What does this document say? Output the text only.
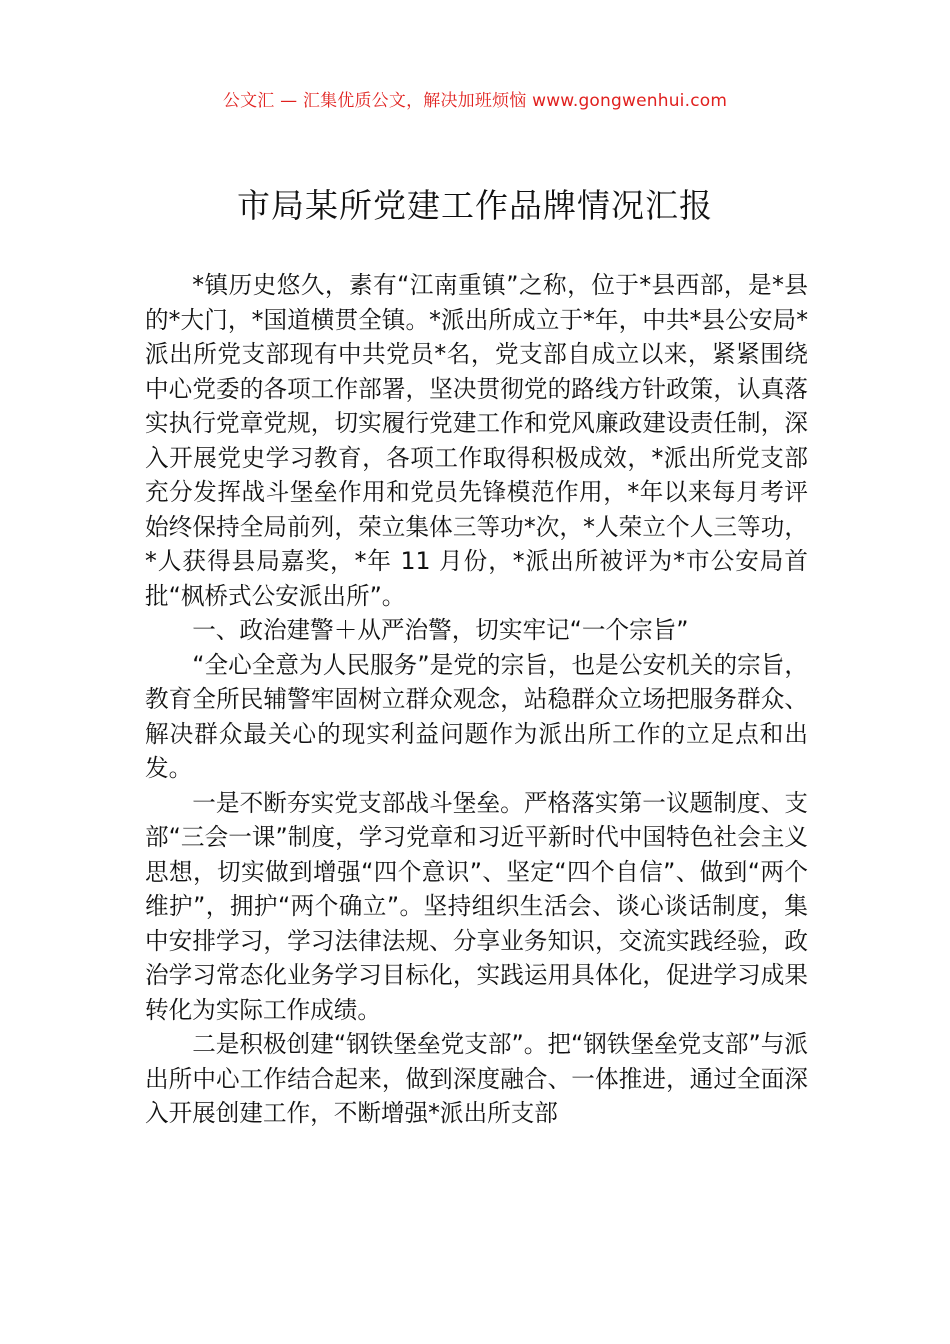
公文汇 — 汇集优质公文，解决加班烦恼 www.gongwenhui.com
市局某所党建工作品牌情况汇报

*镇历史悠久，素有“江南重镇”之称，位于*县西部，是*县的*大门，*国道横贯全镇。*派出所成立于*年，中共*县公安局*派出所党支部现有中共党员*名，党支部自成立以来，紧紧围绕中心党委的各项工作部署，坚决贯彻党的路线方针政策，认真落实执行党章党规，切实履行党建工作和党风廉政建设责任制，深入开展党史学习教育，各项工作取得积极成效，*派出所党支部充分发挥战斗堡垒作用和党员先锋模范作用，*年以来每月考评始终保持全局前列，荣立集体三等功*次，*人荣立个人三等功，*人获得县局嘉奖，*年 11 月份，*派出所被评为*市公安局首批“枫桥式公安派出所”。

一、政治建警＋从严治警，切实牢记“一个宗旨”

“全心全意为人民服务”是党的宗旨，也是公安机关的宗旨，教育全所民辅警牢固树立群众观念，站稳群众立场把服务群众、解决群众最关心的现实利益问题作为派出所工作的立足点和出发。

一是不断夯实党支部战斗堡垒。严格落实第一议题制度、支部“三会一课”制度，学习党章和习近平新时代中国特色社会主义思想，切实做到增强“四个意识”、坚定“四个自信”、做到“两个维护”，拥护“两个确立”。坚持组织生活会、谈心谈话制度，集中安排学习，学习法律法规、分享业务知识，交流实践经验，政治学习常态化业务学习目标化，实践运用具体化，促进学习成果转化为实际工作成绩。

二是积极创建“钢铁堡垒党支部”。把“钢铁堡垒党支部”与派出所中心工作结合起来，做到深度融合、一体推进，通过全面深入开展创建工作，不断增强*派出所支部
